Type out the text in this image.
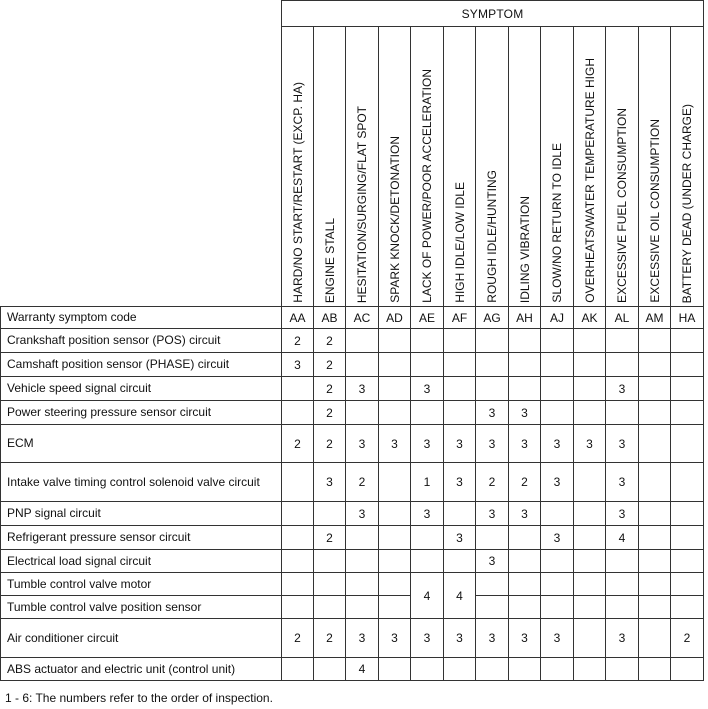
	SYMPTOM												
	HARD/NO START/RESTART (EXCP. HA)	ENGINE STALL	HESITATION/SURGING/FLAT SPOT	SPARK KNOCK/DETONATION	LACK OF POWER/POOR ACCELERATION	HIGH IDLE/LOW IDLE	ROUGH IDLE/HUNTING	IDLING VIBRATION	SLOW/NO RETURN TO IDLE	OVERHEATS/WATER TEMPERATURE HIGH	EXCESSIVE FUEL CONSUMPTION	EXCESSIVE OIL CONSUMPTION	BATTERY DEAD (UNDER CHARGE)
Warranty symptom code	AA	AB	AC	AD	AE	AF	AG	AH	AJ	AK	AL	AM	HA
Crankshaft position sensor (POS) circuit	2	2											
Camshaft position sensor (PHASE) circuit	3	2											
Vehicle speed signal circuit		2	3		3						3		
Power steering pressure sensor circuit		2					3	3					
ECM	2	2	3	3	3	3	3	3	3	3	3		
Intake valve timing control solenoid valve circuit		3	2		1	3	2	2	3		3		
PNP signal circuit			3		3		3	3			3		
Refrigerant pressure sensor circuit		2				3			3		4		
Electrical load signal circuit							3						
Tumble control valve motor					4	4							
Tumble control valve position sensor													
Air conditioner circuit	2	2	3	3	3	3	3	3	3		3		2
ABS actuator and electric unit (control unit)			4										
1 - 6: The numbers refer to the order of inspection.
